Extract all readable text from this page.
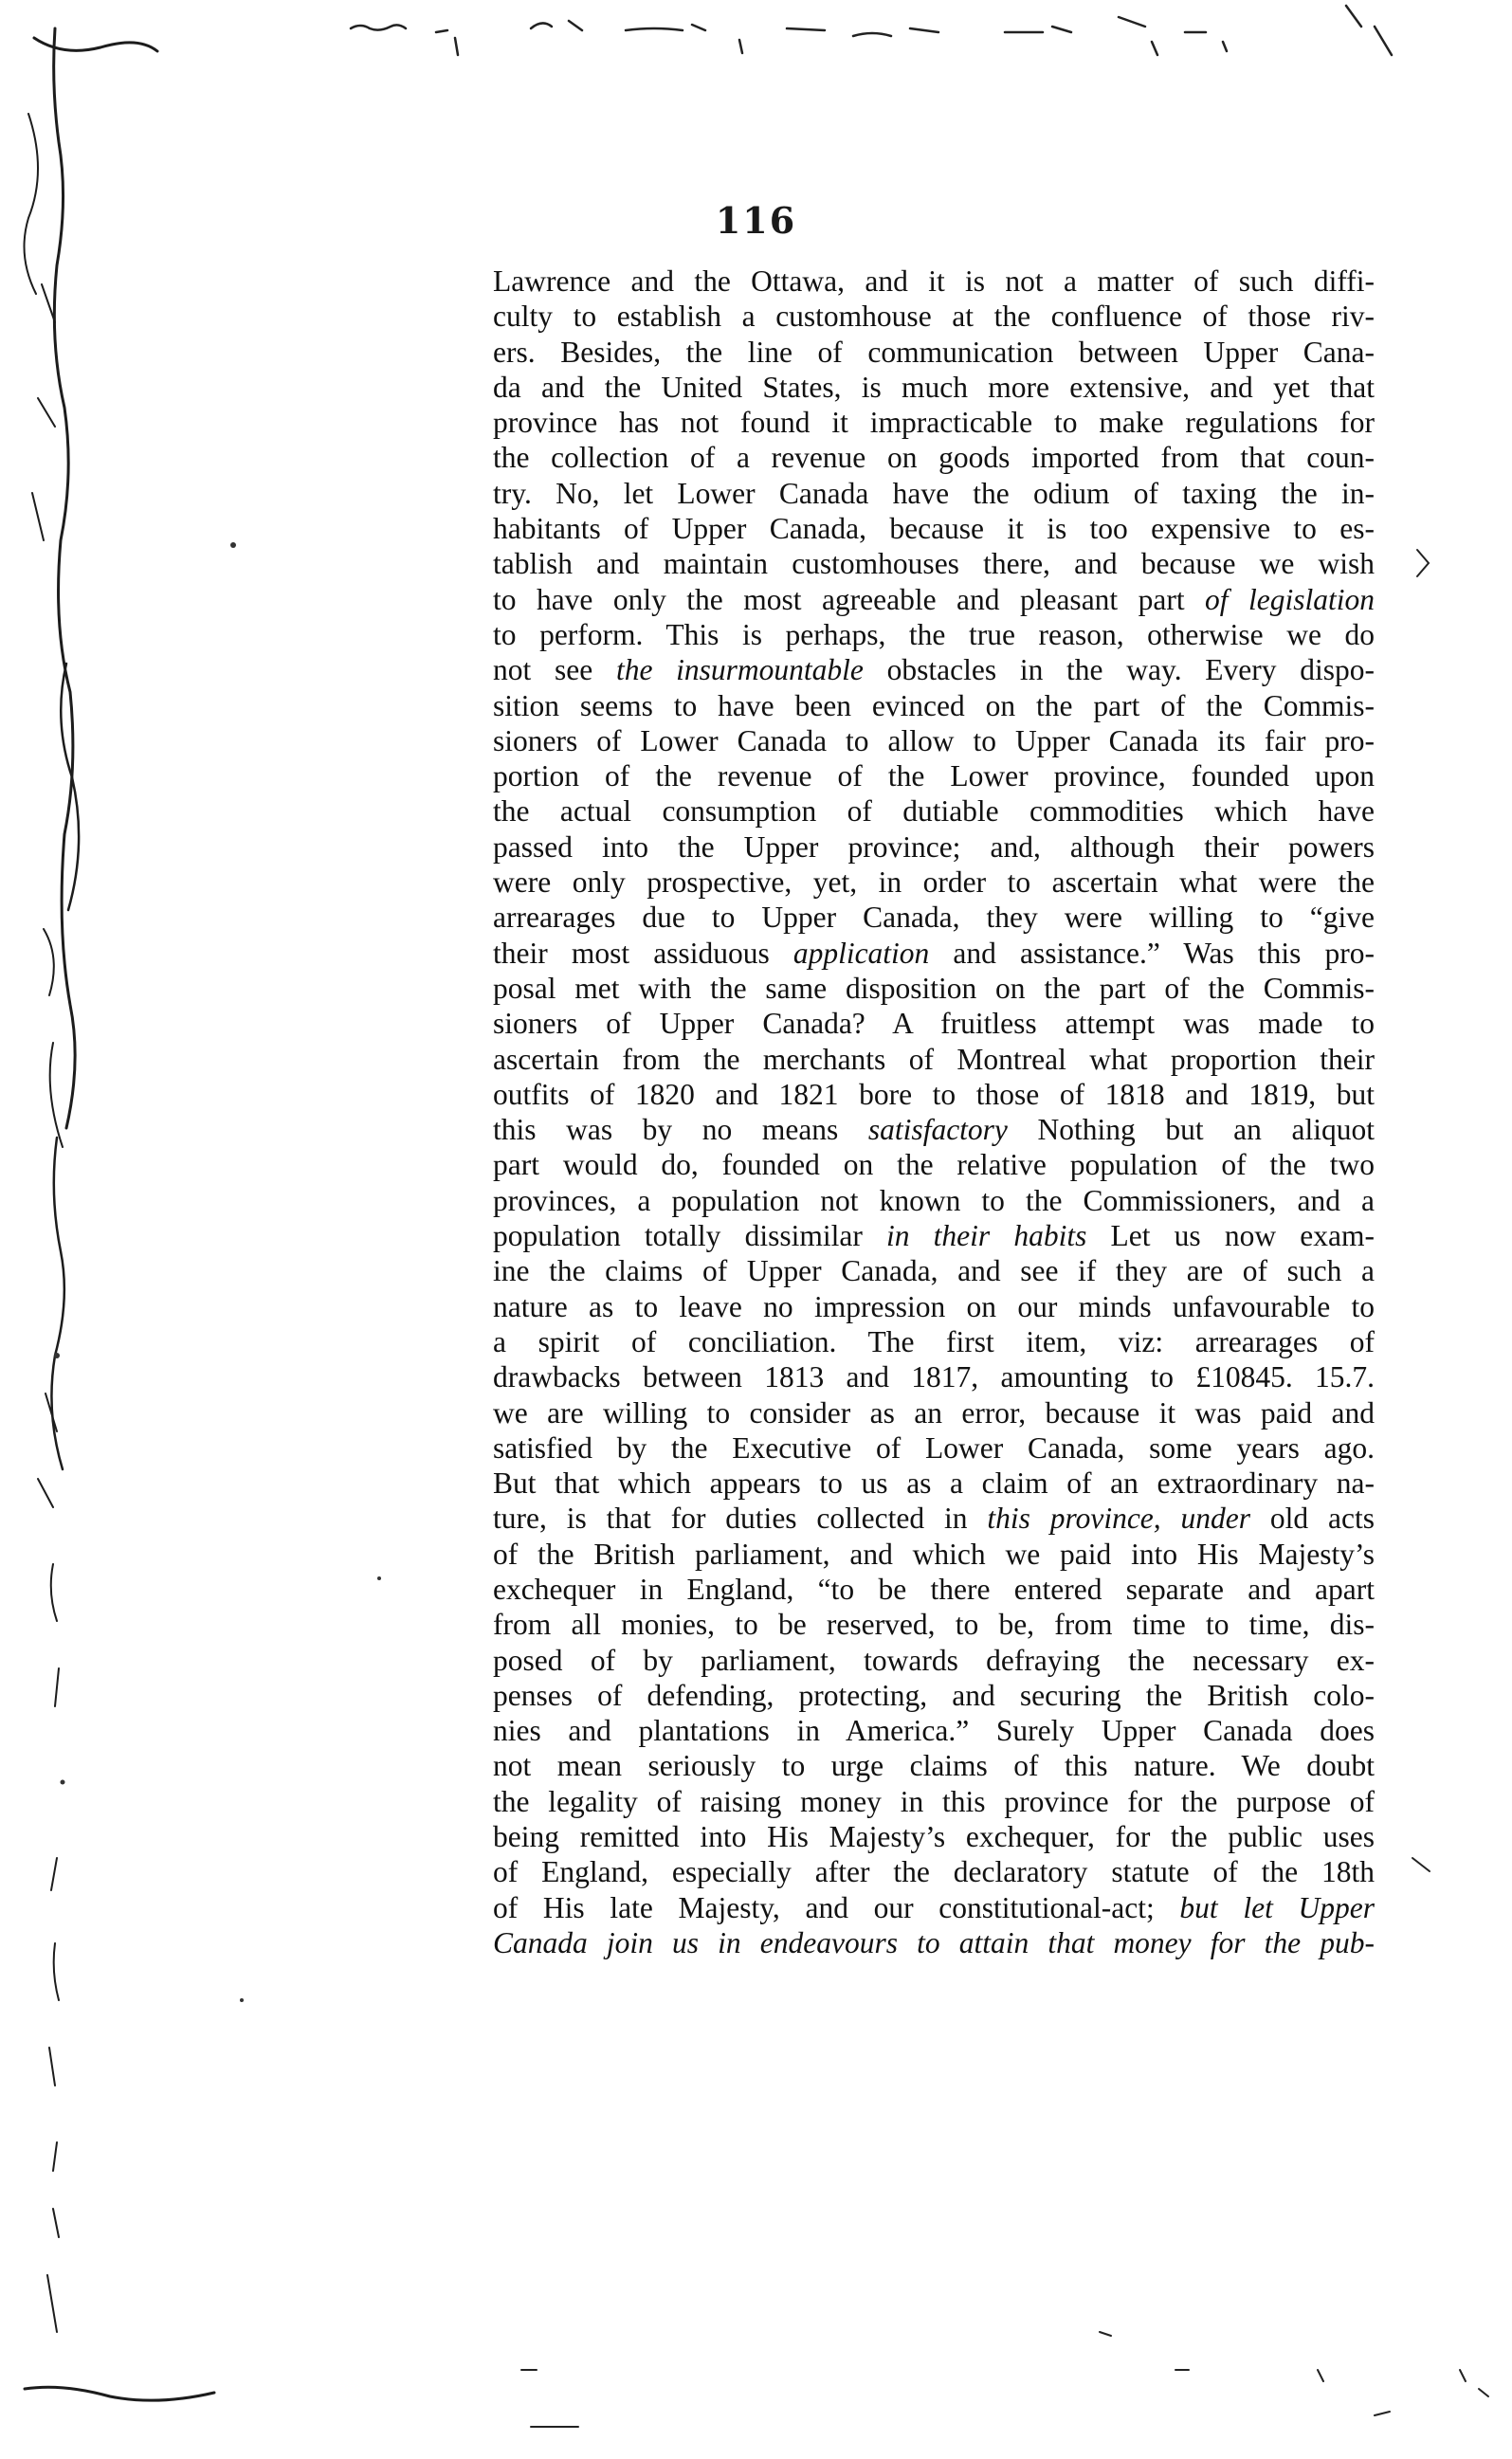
116
Lawrence and the Ottawa, and it is not a matter of such diffi-
culty to establish a customhouse at the confluence of those riv-
ers. Besides, the line of communication between Upper Cana-
da and the United States, is much more extensive, and yet that
province has not found it impracticable to make regulations for
the collection of a revenue on goods imported from that coun-
try. No, let Lower Canada have the odium of taxing the in-
habitants of Upper Canada, because it is too expensive to es-
tablish and maintain customhouses there, and because we wish
to have only the most agreeable and pleasant part of legislation
to perform. This is perhaps, the true reason, otherwise we do
not see the insurmountable obstacles in the way. Every dispo-
sition seems to have been evinced on the part of the Commis-
sioners of Lower Canada to allow to Upper Canada its fair pro-
portion of the revenue of the Lower province, founded upon
the actual consumption of dutiable commodities which have
passed into the Upper province; and, although their powers
were only prospective, yet, in order to ascertain what were the
arrearages due to Upper Canada, they were willing to “give
their most assiduous application and assistance.” Was this pro-
posal met with the same disposition on the part of the Commis-
sioners of Upper Canada? A fruitless attempt was made to
ascertain from the merchants of Montreal what proportion their
outfits of 1820 and 1821 bore to those of 1818 and 1819, but
this was by no means satisfactory Nothing but an aliquot
part would do, founded on the relative population of the two
provinces, a population not known to the Commissioners, and a
population totally dissimilar in their habits Let us now exam-
ine the claims of Upper Canada, and see if they are of such a
nature as to leave no impression on our minds unfavourable to
a spirit of conciliation. The first item, viz: arrearages of
drawbacks between 1813 and 1817, amounting to £10845. 15.7.
we are willing to consider as an error, because it was paid and
satisfied by the Executive of Lower Canada, some years ago.
But that which appears to us as a claim of an extraordinary na-
ture, is that for duties collected in this province, under old acts
of the British parliament, and which we paid into His Majesty’s
exchequer in England, “to be there entered separate and apart
from all monies, to be reserved, to be, from time to time, dis-
posed of by parliament, towards defraying the necessary ex-
penses of defending, protecting, and securing the British colo-
nies and plantations in America.” Surely Upper Canada does
not mean seriously to urge claims of this nature. We doubt
the legality of raising money in this province for the purpose of
being remitted into His Majesty’s exchequer, for the public uses
of England, especially after the declaratory statute of the 18th
of His late Majesty, and our constitutional-act; but let Upper
Canada join us in endeavours to attain that money for the pub-
